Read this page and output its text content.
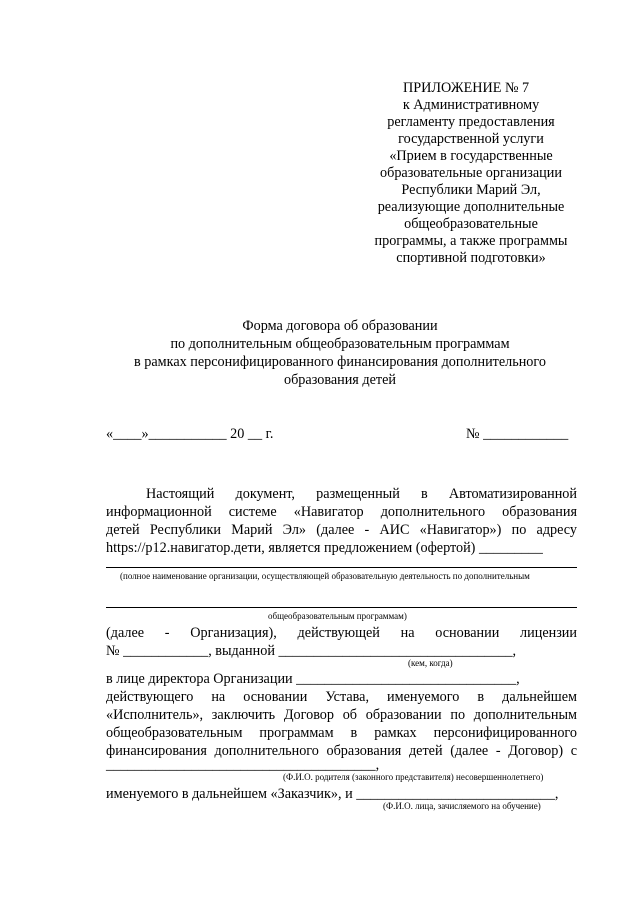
ПРИЛОЖЕНИЕ № 7
к Административному
регламенту предоставления
государственной услуги
«Прием в государственные
образовательные организации
Республики Марий Эл,
реализующие дополнительные
общеобразовательные
программы, а также программы
спортивной подготовки»
Форма договора об образовании
по дополнительным общеобразовательным программам
в рамках персонифицированного финансирования дополнительного
образования детей
«____»___________ 20 __ г.	№ ____________
Настоящий документ, размещенный в Автоматизированной
информационной системе «Навигатор дополнительного образования
детей Республики Марий Эл» (далее - АИС «Навигатор») по адресу
https://p12.навигатор.дети, является предложением (офертой) _________
(полное наименование организации, осуществляющей образовательную деятельность по дополнительным
общеобразовательным программам)
(далее - Организация), действующей на основании лицензии
№ ____________, выданной _________________________________,
(кем, когда)
в лице директора Организации _______________________________,
действующего на основании Устава, именуемого в дальнейшем
«Исполнитель», заключить Договор об образовании по дополнительным
общеобразовательным программам в рамках персонифицированного
финансирования дополнительного образования детей (далее - Договор) с
______________________________________,
(Ф.И.О. родителя (законного представителя) несовершеннолетнего)
именуемого в дальнейшем «Заказчик», и ____________________________,
(Ф.И.О. лица, зачисляемого на обучение)
